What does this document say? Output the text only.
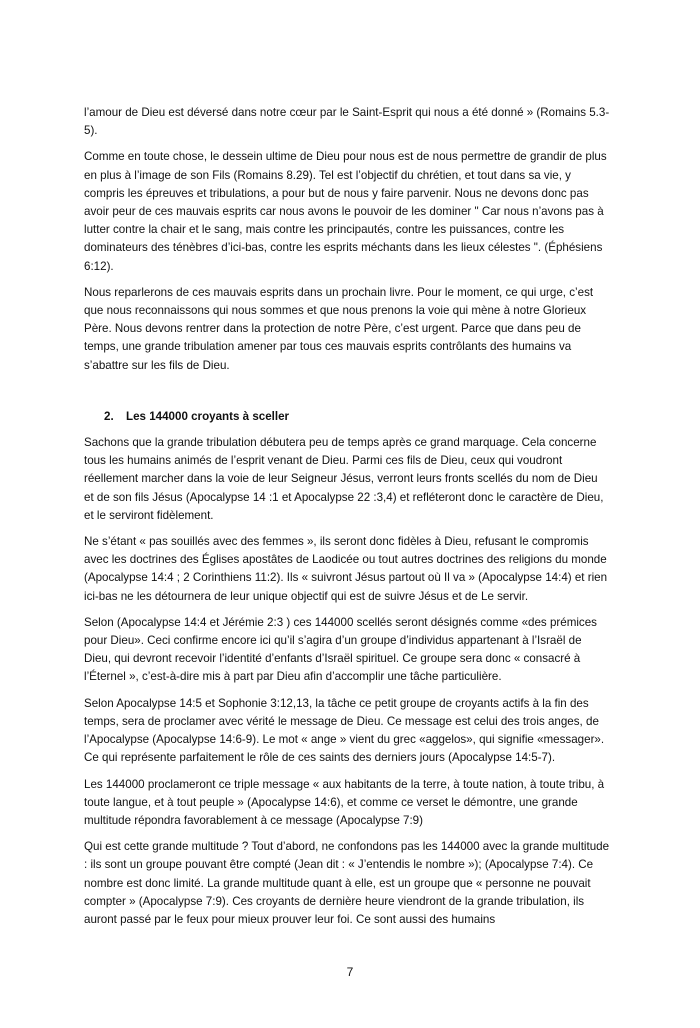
l’amour de Dieu est déversé dans notre cœur par le Saint-Esprit qui nous a été donné » (Romains 5.3-5).

Comme en toute chose, le dessein ultime de Dieu pour nous est de nous permettre de grandir de plus en plus à l’image de son Fils (Romains 8.29). Tel est l’objectif du chrétien, et tout dans sa vie, y compris les épreuves et tribulations, a pour but de nous y faire parvenir. Nous ne devons donc pas avoir peur de ces mauvais esprits car nous avons le pouvoir de les dominer " Car nous n’avons pas à lutter contre la chair et le sang, mais contre les principautés, contre les puissances, contre les dominateurs des ténèbres d’ici-bas, contre les esprits méchants dans les lieux célestes ". (Éphésiens 6:12).

Nous reparlerons de ces mauvais esprits dans un prochain livre. Pour le moment, ce qui urge, c’est que nous reconnaissons qui nous sommes et que nous prenons la voie qui mène à notre Glorieux Père. Nous devons rentrer dans la protection de notre Père, c’est urgent. Parce que dans peu de temps, une grande tribulation amener par tous ces mauvais esprits contrôlants des humains va s’abattre sur les fils de Dieu.

2. Les 144000 croyants à sceller

Sachons que la grande tribulation débutera peu de temps après ce grand marquage. Cela concerne tous les humains animés de l’esprit venant de Dieu. Parmi ces fils de Dieu, ceux qui voudront réellement marcher dans la voie de leur Seigneur Jésus, verront leurs fronts scellés du nom de Dieu et de son fils Jésus (Apocalypse 14 :1 et Apocalypse 22 :3,4) et refléteront donc le caractère de Dieu, et le serviront fidèlement.

Ne s’étant « pas souillés avec des femmes », ils seront donc fidèles à Dieu, refusant le compromis avec les doctrines des Églises apostâtes de Laodicée ou tout autres doctrines des religions du monde (Apocalypse 14:4 ; 2 Corinthiens 11:2). Ils « suivront Jésus partout où Il va » (Apocalypse 14:4) et rien ici-bas ne les détournera de leur unique objectif qui est de suivre Jésus et de Le servir.

Selon (Apocalypse 14:4 et Jérémie 2:3 ) ces 144000 scellés seront désignés comme «des prémices pour Dieu». Ceci confirme encore ici qu’il s’agira d’un groupe d’individus appartenant à l’Israël de Dieu, qui devront recevoir l’identité d’enfants d’Israël spirituel. Ce groupe sera donc « consacré à l’Éternel », c’est-à-dire mis à part par Dieu afin d’accomplir une tâche particulière.

Selon Apocalypse 14:5 et Sophonie 3:12,13, la tâche ce petit groupe de croyants actifs à la fin des temps, sera de proclamer avec vérité le message de Dieu. Ce message est celui des trois anges, de l’Apocalypse (Apocalypse 14:6-9). Le mot « ange » vient du grec «aggelos», qui signifie «messager». Ce qui représente parfaitement le rôle de ces saints des derniers jours (Apocalypse 14:5-7).

Les 144000 proclameront ce triple message « aux habitants de la terre, à toute nation, à toute tribu, à toute langue, et à tout peuple » (Apocalypse 14:6), et comme ce verset le démontre, une grande multitude répondra favorablement à ce message (Apocalypse 7:9)

Qui est cette grande multitude ? Tout d’abord, ne confondons pas les 144000 avec la grande multitude : ils sont un groupe pouvant être compté (Jean dit : « J’entendis le nombre »); (Apocalypse 7:4). Ce nombre est donc limité. La grande multitude quant à elle, est un groupe que « personne ne pouvait compter » (Apocalypse 7:9). Ces croyants de dernière heure viendront de la grande tribulation, ils auront passé par le feux pour mieux prouver leur foi. Ce sont aussi des humains

7
